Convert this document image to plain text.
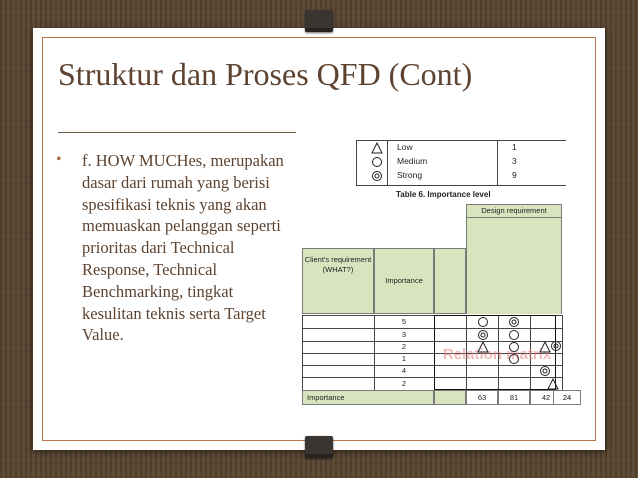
Struktur dan Proses QFD (Cont)
• f. HOW MUCHes, merupakan dasar dari rumah yang berisi spesifikasi teknis yang akan memuaskan pelanggan seperti prioritas dari Technical Response, Technical Benchmarking, tingkat kesulitan teknis serta Target Value.
Low	1
Medium	3
Strong	9
Table 6. Importance level
Design requirement
Client's requirement (WHAT?)
Importance
5
3
2
1
4
2
Relation matrix
Importance	63	81	42	24
